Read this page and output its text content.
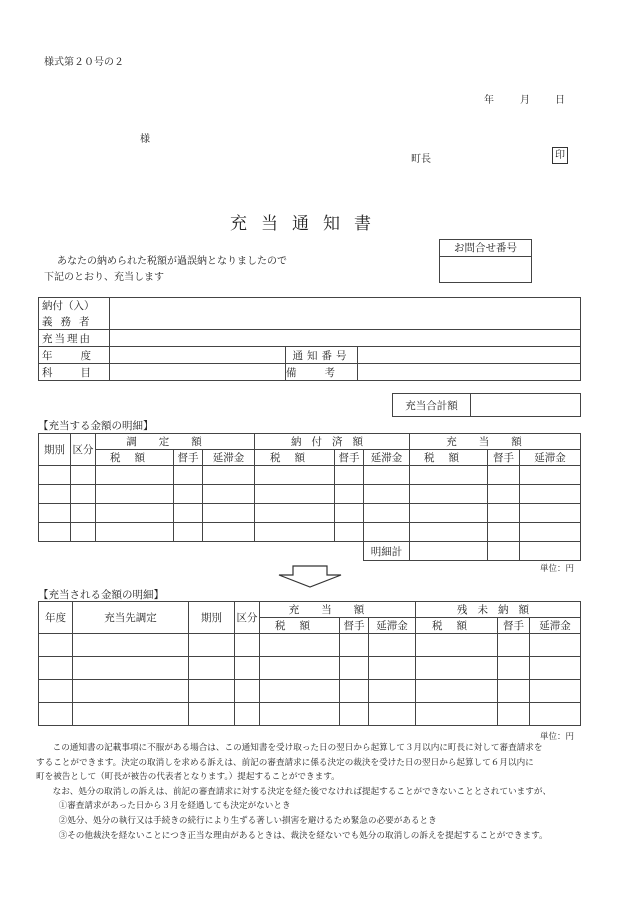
様式第２０号の２
年	月	日
様
町長	印
充当通知書
あなたの納められた税額が過誤納となりましたので
下記のとおり、充当します
お問合せ番号
納付（入）			
義務者			
充当理由			
年度		通知番号	
科目		備考	
充当合計額	
【充当する金額の明細】
期別	区分	調定額			納付済額			充当額		
		税額	督手	延滞金	税額	督手	延滞金	税額	督手	延滞金

							明細計			
単位：円
【充当される金額の明細】
年度	充当先調定	期別	区分	充当額			残未納額		
				税額	督手	延滞金	税額	督手	延滞金

単位：円

　この通知書の記載事項に不服がある場合は、この通知書を受け取った日の翌日から起算して３月以内に町長に対して審査請求を

することができます。決定の取消しを求める訴えは、前記の審査請求に係る決定の裁決を受けた日の翌日から起算して６月以内に

町を被告として（町長が被告の代表者となります。）提起することができます。

　なお、処分の取消しの訴えは、前記の審査請求に対する決定を経た後でなければ提起することができないこととされていますが、

　①審査請求があった日から３月を経過しても決定がないとき

　②処分、処分の執行又は手続きの続行により生ずる著しい損害を避けるため緊急の必要があるとき

　③その他裁決を経ないことにつき正当な理由があるときは、裁決を経ないでも処分の取消しの訴えを提起することができます。
